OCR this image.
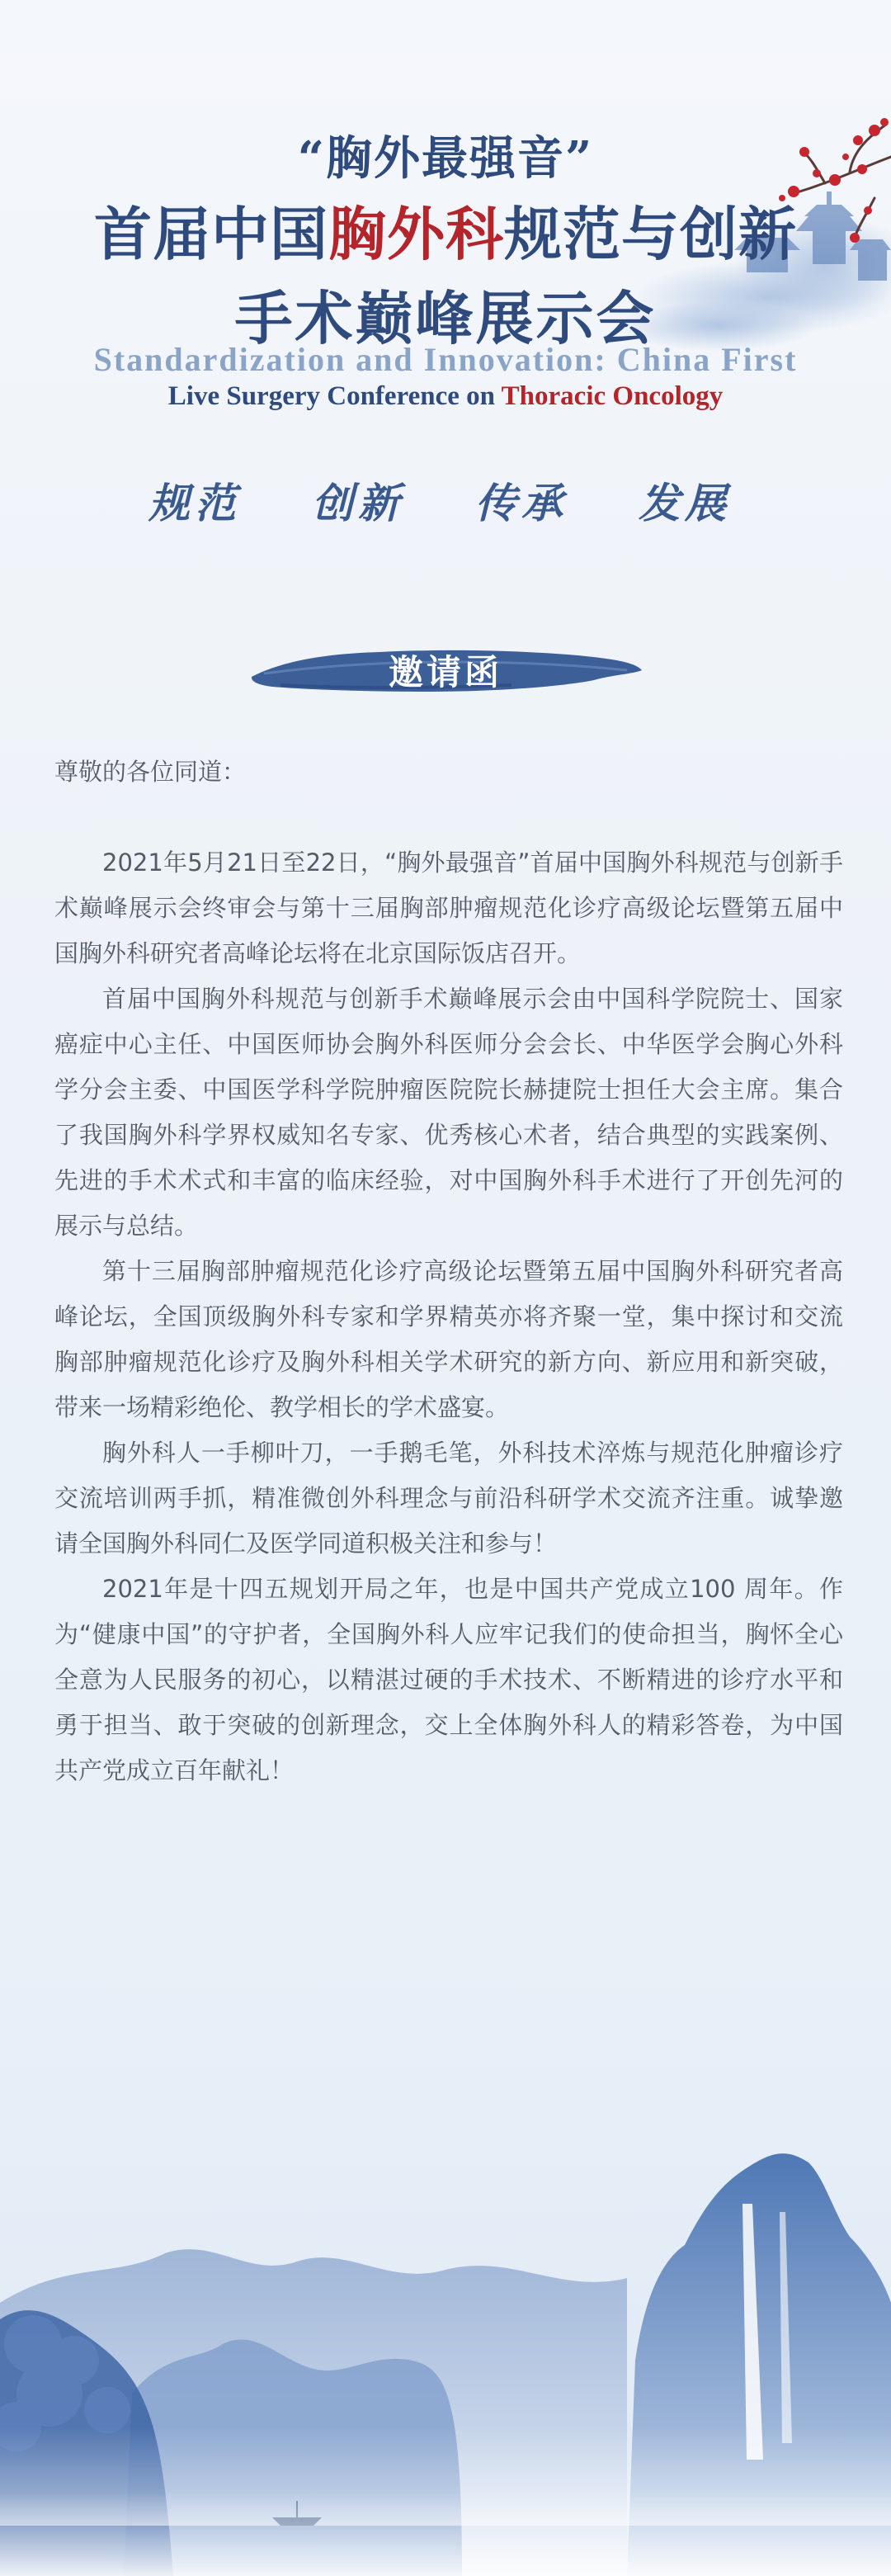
“胸外最强音”
首届中国胸外科规范与创新
手术巅峰展示会
Standardization and Innovation: China First
Live Surgery Conference on Thoracic Oncology
规范 创新 传承 发展
邀请函

尊敬的各位同道：

2021年5月21日至22日，“胸外最强音”首届中国胸外科规范与创新手术巅峰展示会终审会与第十三届胸部肿瘤规范化诊疗高级论坛暨第五届中国胸外科研究者高峰论坛将在北京国际饭店召开。

首届中国胸外科规范与创新手术巅峰展示会由中国科学院院士、国家癌症中心主任、中国医师协会胸外科医师分会会长、中华医学会胸心外科学分会主委、中国医学科学院肿瘤医院院长赫捷院士担任大会主席。集合了我国胸外科学界权威知名专家、优秀核心术者，结合典型的实践案例、先进的手术术式和丰富的临床经验，对中国胸外科手术进行了开创先河的展示与总结。

第十三届胸部肿瘤规范化诊疗高级论坛暨第五届中国胸外科研究者高峰论坛，全国顶级胸外科专家和学界精英亦将齐聚一堂，集中探讨和交流胸部肿瘤规范化诊疗及胸外科相关学术研究的新方向、新应用和新突破，带来一场精彩绝伦、教学相长的学术盛宴。

胸外科人一手柳叶刀，一手鹅毛笔，外科技术淬炼与规范化肿瘤诊疗交流培训两手抓，精准微创外科理念与前沿科研学术交流齐注重。诚挚邀请全国胸外科同仁及医学同道积极关注和参与！

2021年是十四五规划开局之年，也是中国共产党成立100 周年。作为“健康中国”的守护者，全国胸外科人应牢记我们的使命担当，胸怀全心全意为人民服务的初心，以精湛过硬的手术技术、不断精进的诊疗水平和勇于担当、敢于突破的创新理念，交上全体胸外科人的精彩答卷，为中国共产党成立百年献礼！
